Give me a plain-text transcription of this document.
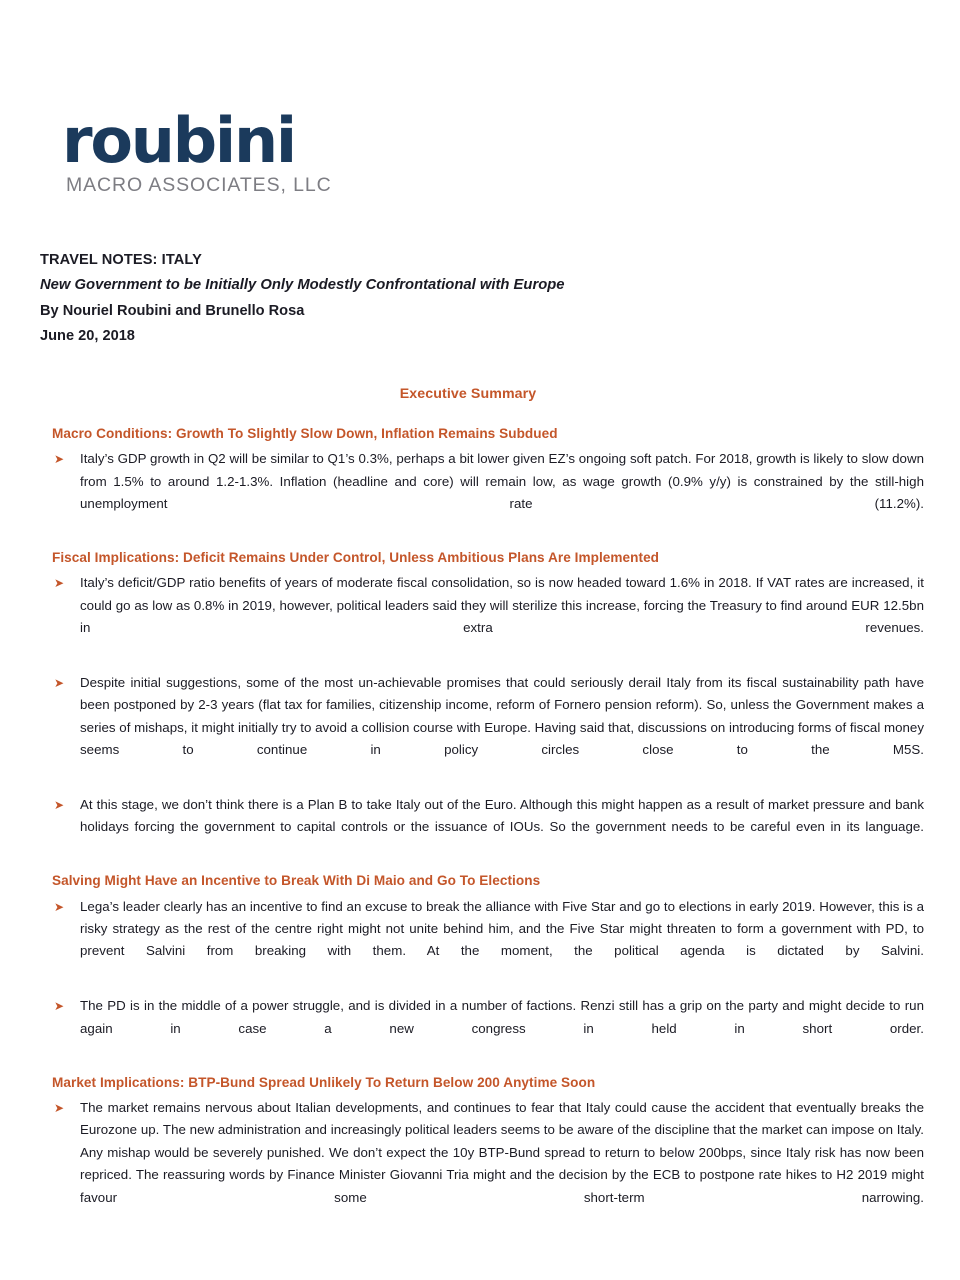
roubini
MACRO ASSOCIATES, LLC
TRAVEL NOTES: ITALY
New Government to be Initially Only Modestly Confrontational with Europe
By Nouriel Roubini and Brunello Rosa
June 20, 2018
Executive Summary
Macro Conditions: Growth To Slightly Slow Down, Inflation Remains Subdued
➤	Italy’s GDP growth in Q2 will be similar to Q1’s 0.3%, perhaps a bit lower given EZ’s ongoing soft patch. For 2018, growth is likely to slow down from 1.5% to around 1.2-1.3%. Inflation (headline and core) will remain low, as wage growth (0.9% y/y) is constrained by the still-high unemployment rate (11.2%).
Fiscal Implications: Deficit Remains Under Control, Unless Ambitious Plans Are Implemented
➤	Italy’s deficit/GDP ratio benefits of years of moderate fiscal consolidation, so is now headed toward 1.6% in 2018. If VAT rates are increased, it could go as low as 0.8% in 2019, however, political leaders said they will sterilize this increase, forcing the Treasury to find around EUR 12.5bn in extra revenues.
➤	Despite initial suggestions, some of the most un-achievable promises that could seriously derail Italy from its fiscal sustainability path have been postponed by 2-3 years (flat tax for families, citizenship income, reform of Fornero pension reform). So, unless the Government makes a series of mishaps, it might initially try to avoid a collision course with Europe. Having said that, discussions on introducing forms of fiscal money seems to continue in policy circles close to the M5S.
➤	At this stage, we don’t think there is a Plan B to take Italy out of the Euro. Although this might happen as a result of market pressure and bank holidays forcing the government to capital controls or the issuance of IOUs. So the government needs to be careful even in its language.
Salving Might Have an Incentive to Break With Di Maio and Go To Elections
➤	Lega’s leader clearly has an incentive to find an excuse to break the alliance with Five Star and go to elections in early 2019. However, this is a risky strategy as the rest of the centre right might not unite behind him, and the Five Star might threaten to form a government with PD, to prevent Salvini from breaking with them. At the moment, the political agenda is dictated by Salvini.
➤	The PD is in the middle of a power struggle, and is divided in a number of factions. Renzi still has a grip on the party and might decide to run again in case a new congress in held in short order.
Market Implications: BTP-Bund Spread Unlikely To Return Below 200 Anytime Soon
➤	The market remains nervous about Italian developments, and continues to fear that Italy could cause the accident that eventually breaks the Eurozone up. The new administration and increasingly political leaders seems to be aware of the discipline that the market can impose on Italy. Any mishap would be severely punished. We don’t expect the 10y BTP-Bund spread to return to below 200bps, since Italy risk has now been repriced. The reassuring words by Finance Minister Giovanni Tria might and the decision by the ECB to postpone rate hikes to H2 2019 might favour some short-term narrowing.
